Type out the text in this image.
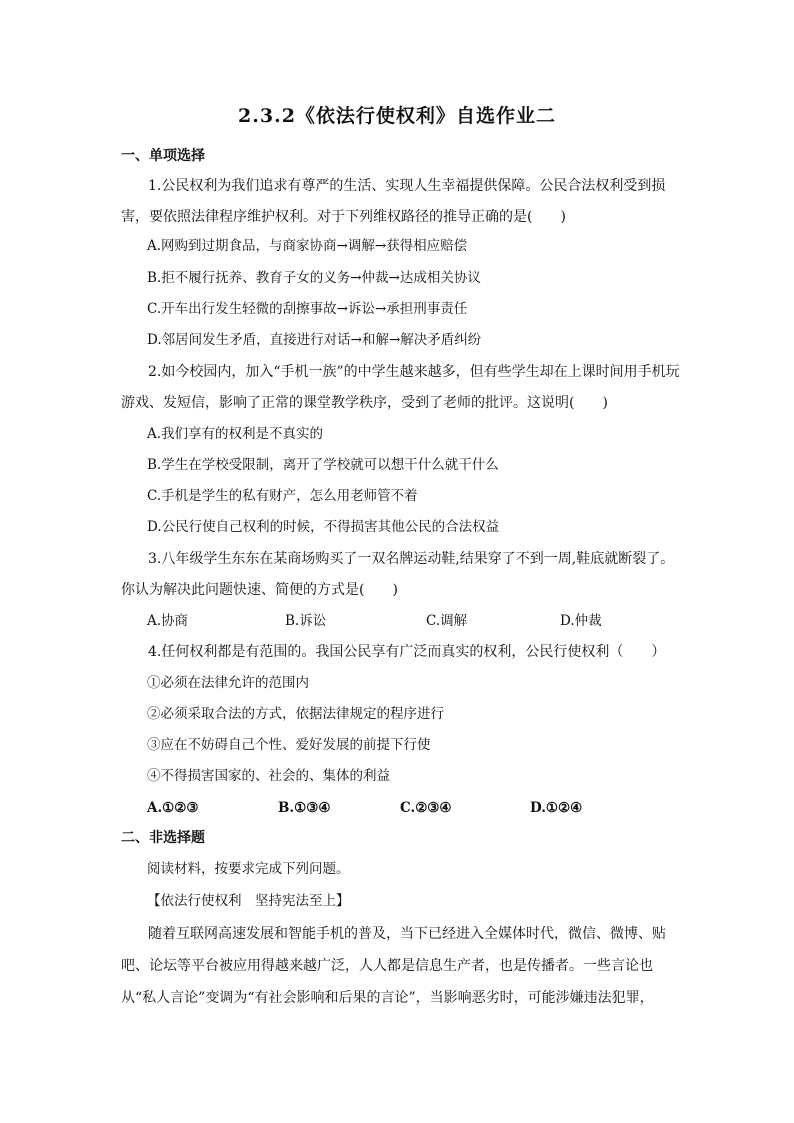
2.3.2《依法行使权利》自选作业二
一、单项选择
1.公民权利为我们追求有尊严的生活、实现人生幸福提供保障。公民合法权利受到损害，要依照法律程序维护权利。对于下列维权路径的推导正确的是(　　)
A.网购到过期食品，与商家协商→调解→获得相应赔偿
B.拒不履行抚养、教育子女的义务→仲裁→达成相关协议
C.开车出行发生轻微的刮擦事故→诉讼→承担刑事责任
D.邻居间发生矛盾，直接进行对话→和解→解决矛盾纠纷
2.如今校园内，加入“手机一族”的中学生越来越多，但有些学生却在上课时间用手机玩游戏、发短信，影响了正常的课堂教学秩序，受到了老师的批评。这说明(　　)
A.我们享有的权利是不真实的
B.学生在学校受限制，离开了学校就可以想干什么就干什么
C.手机是学生的私有财产，怎么用老师管不着
D.公民行使自己权利的时候，不得损害其他公民的合法权益
3.八年级学生东东在某商场购买了一双名牌运动鞋,结果穿了不到一周,鞋底就断裂了。你认为解决此问题快速、简便的方式是(　　)
A.协商	B.诉讼	C.调解	D.仲裁
4.任何权利都是有范围的。我国公民享有广泛而真实的权利，公民行使权利（　　）
①必须在法律允许的范围内
②必须采取合法的方式，依据法律规定的程序进行
③应在不妨碍自己个性、爱好发展的前提下行使
④不得损害国家的、社会的、集体的利益
A.①②③	B.①③④	C.②③④	D.①②④
二、非选择题
阅读材料，按要求完成下列问题。
【依法行使权利　坚持宪法至上】
随着互联网高速发展和智能手机的普及，当下已经进入全媒体时代，微信、微博、贴吧、论坛等平台被应用得越来越广泛，人人都是信息生产者，也是传播者。一些言论也从“私人言论”变调为“有社会影响和后果的言论”，当影响恶劣时，可能涉嫌违法犯罪，
